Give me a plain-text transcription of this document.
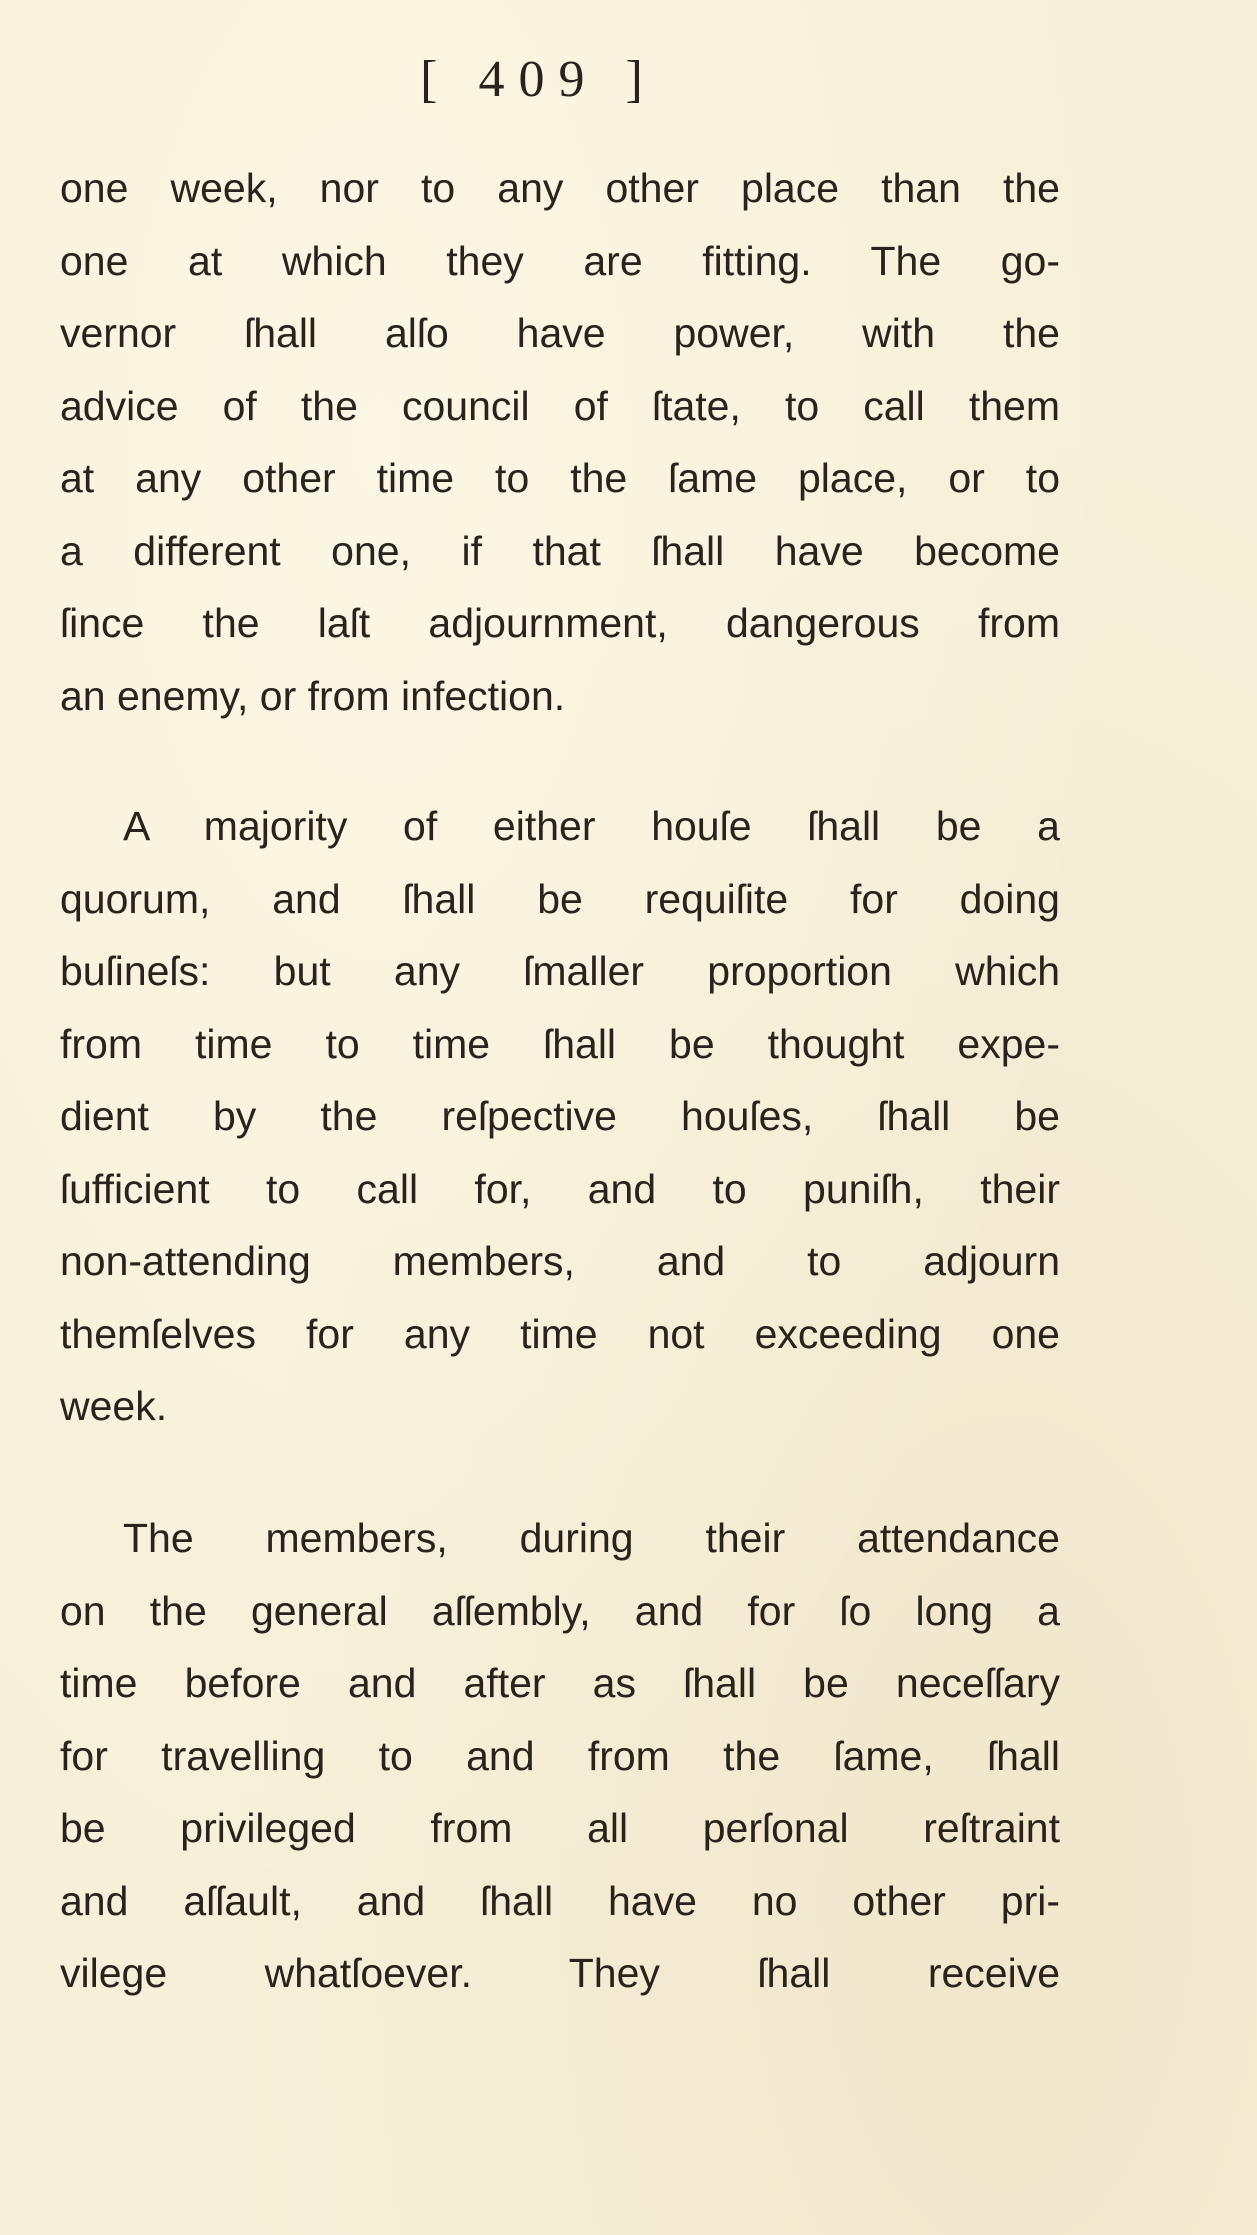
[ 409 ]
one week, nor to any other place than the
one at which they are fitting. The go-
vernor ſhall alſo have power, with the
advice of the council of ſtate, to call them
at any other time to the ſame place, or to
a different one, if that ſhall have become
ſince the laſt adjournment, dangerous from
an enemy, or from infection.
A majority of either houſe ſhall be a
quorum, and ſhall be requiſite for doing
buſineſs: but any ſmaller proportion which
from time to time ſhall be thought expe-
dient by the reſpective houſes, ſhall be
ſufficient to call for, and to puniſh, their
non-attending members, and to adjourn
themſelves for any time not exceeding one
week.
The members, during their attendance
on the general aſſembly, and for ſo long a
time before and after as ſhall be neceſſary
for travelling to and from the ſame, ſhall
be privileged from all perſonal reſtraint
and aſſault, and ſhall have no other pri-
vilege whatſoever. They ſhall receive
